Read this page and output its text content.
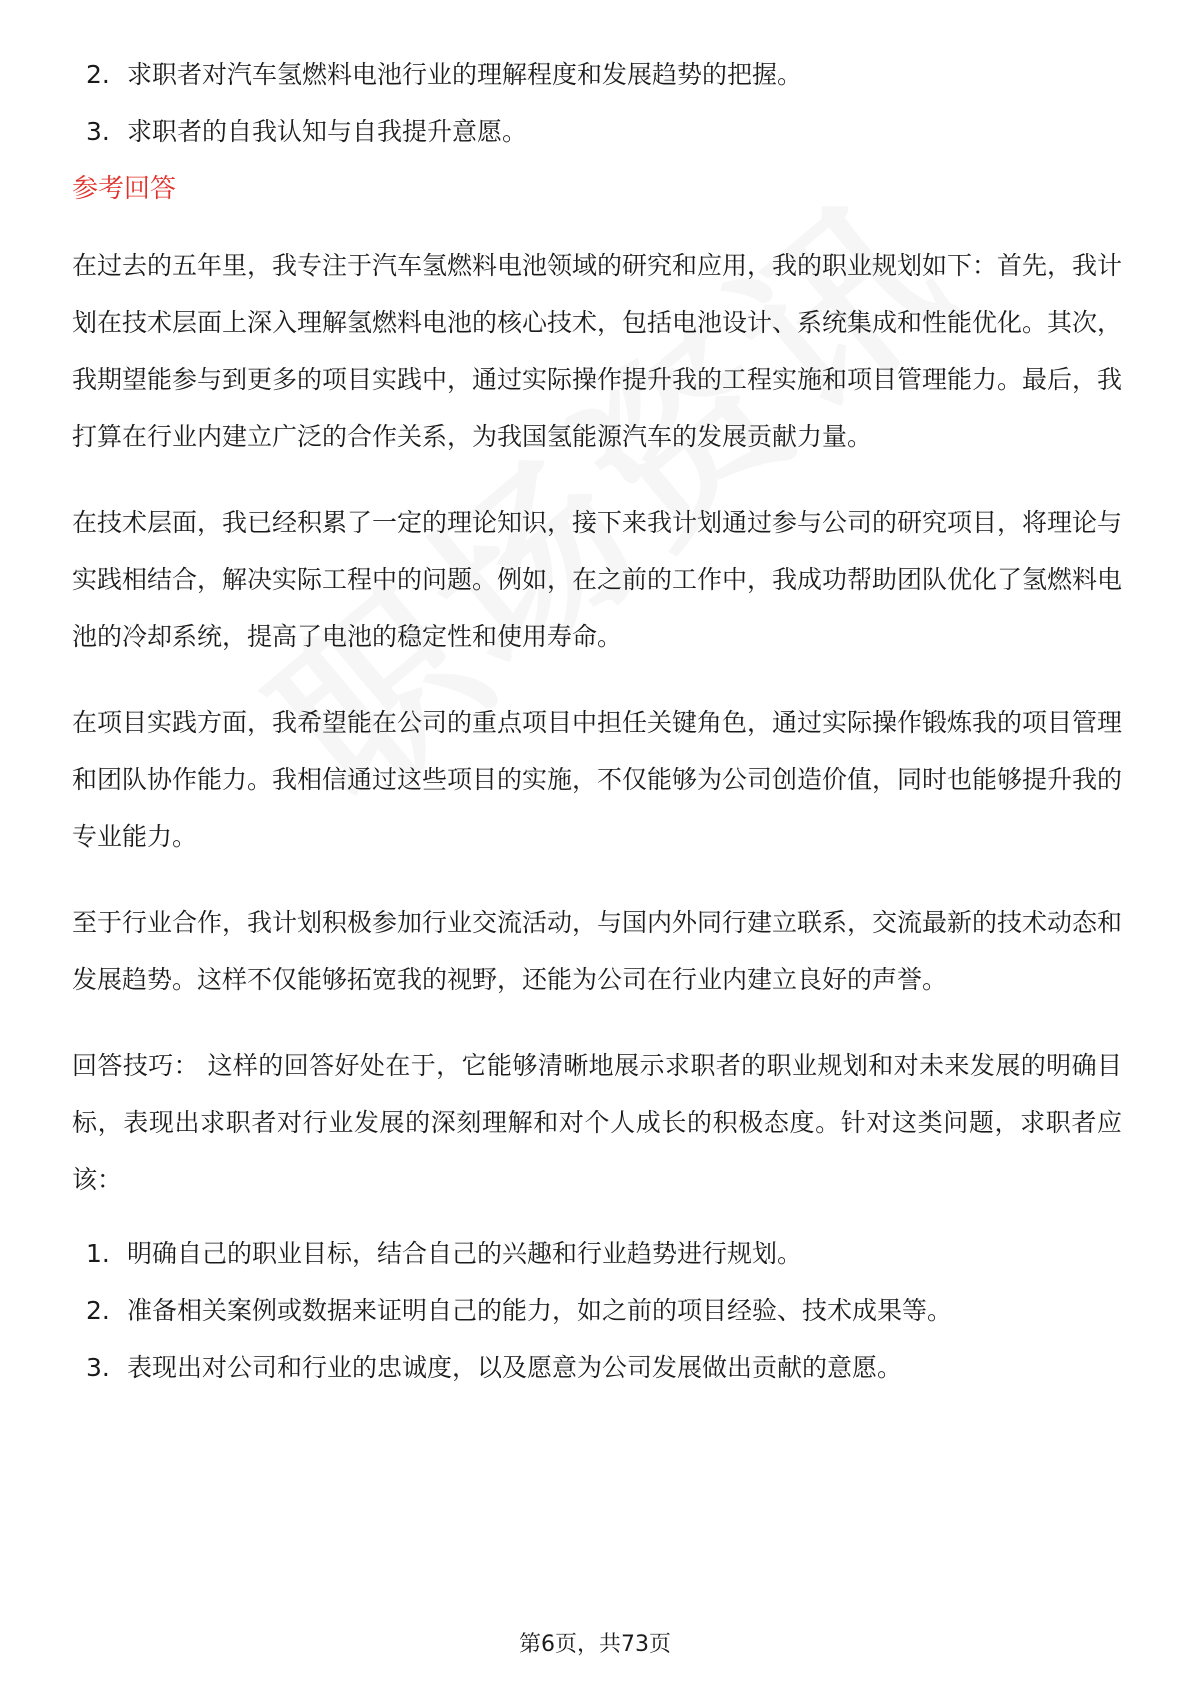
2. 求职者对汽车氢燃料电池行业的理解程度和发展趋势的把握。
3. 求职者的自我认知与自我提升意愿。
参考回答

在过去的五年里，我专注于汽车氢燃料电池领域的研究和应用，我的职业规划如下：首先，我计划在技术层面上深入理解氢燃料电池的核心技术，包括电池设计、系统集成和性能优化。其次，我期望能参与到更多的项目实践中，通过实际操作提升我的工程实施和项目管理能力。最后，我打算在行业内建立广泛的合作关系，为我国氢能源汽车的发展贡献力量。

在技术层面，我已经积累了一定的理论知识，接下来我计划通过参与公司的研究项目，将理论与实践相结合，解决实际工程中的问题。例如，在之前的工作中，我成功帮助团队优化了氢燃料电池的冷却系统，提高了电池的稳定性和使用寿命。

在项目实践方面，我希望能在公司的重点项目中担任关键角色，通过实际操作锻炼我的项目管理和团队协作能力。我相信通过这些项目的实施，不仅能够为公司创造价值，同时也能够提升我的专业能力。

至于行业合作，我计划积极参加行业交流活动，与国内外同行建立联系，交流最新的技术动态和发展趋势。这样不仅能够拓宽我的视野，还能为公司在行业内建立良好的声誉。

回答技巧： 这样的回答好处在于，它能够清晰地展示求职者的职业规划和对未来发展的明确目标，表现出求职者对行业发展的深刻理解和对个人成长的积极态度。针对这类问题，求职者应该：

1. 明确自己的职业目标，结合自己的兴趣和行业趋势进行规划。
2. 准备相关案例或数据来证明自己的能力，如之前的项目经验、技术成果等。
3. 表现出对公司和行业的忠诚度，以及愿意为公司发展做出贡献的意愿。
第6页，共73页
